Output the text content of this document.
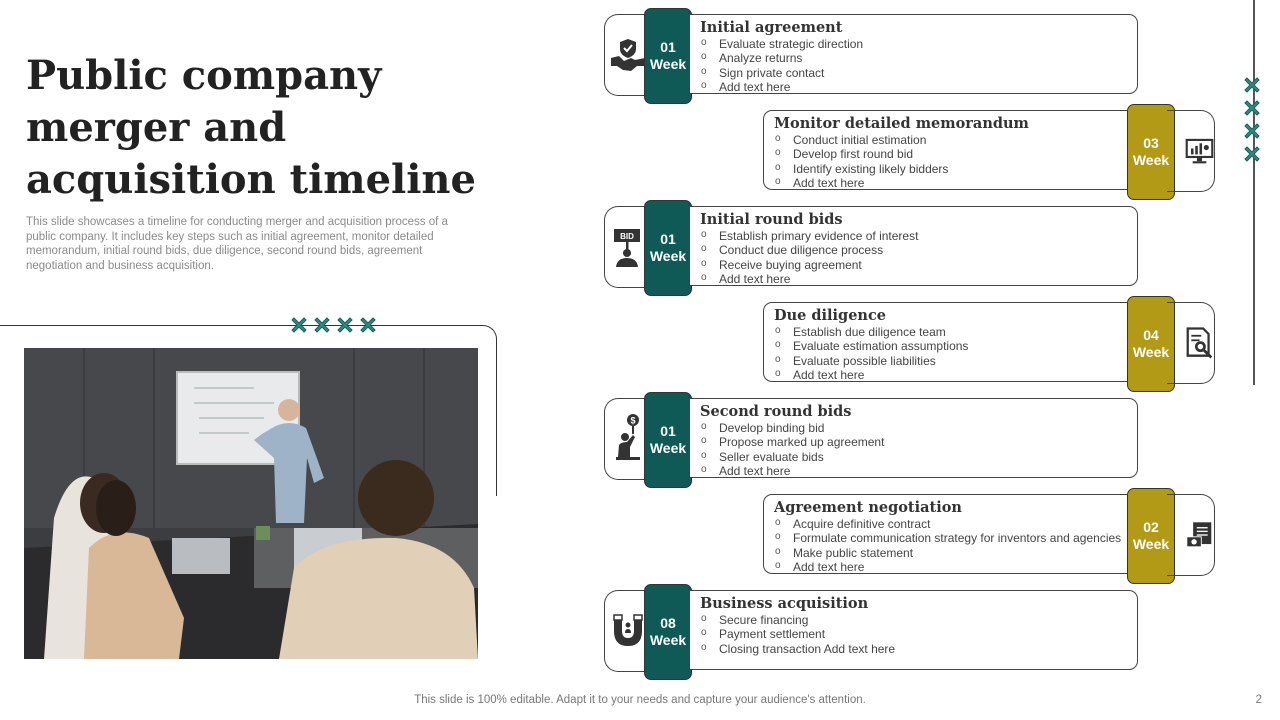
Public company merger and acquisition timeline

This slide showcases a timeline for conducting merger and acquisition process of a public company. It includes key steps such as initial agreement, monitor detailed memorandum, initial round bids, due diligence, second round bids, agreement negotiation and business acquisition.

01
Week
Initial agreement
o Evaluate strategic direction
o Analyze returns
o Sign private contact
o Add text here
Monitor detailed memorandum
o Conduct initial estimation
o Develop first round bid
o Identify existing likely bidders
o Add text here
03
Week
BID 01
Week
Initial round bids
o Establish primary evidence of interest
o Conduct due diligence process
o Receive buying agreement
o Add text here
Due diligence
o Establish due diligence team
o Evaluate estimation assumptions
o Evaluate possible liabilities
o Add text here
04
Week
$
01
Week
Second round bids
o Develop binding bid
o Propose marked up agreement
o Seller evaluate bids
o Add text here
Agreement negotiation
o Acquire definitive contract
o Formulate communication strategy for inventors and agencies
o Make public statement
o Add text here
02
Week
08
Week
Business acquisition
o Secure financing
o Payment settlement
o Closing transaction Add text here
This slide is 100% editable. Adapt it to your needs and capture your audience's attention.	2
